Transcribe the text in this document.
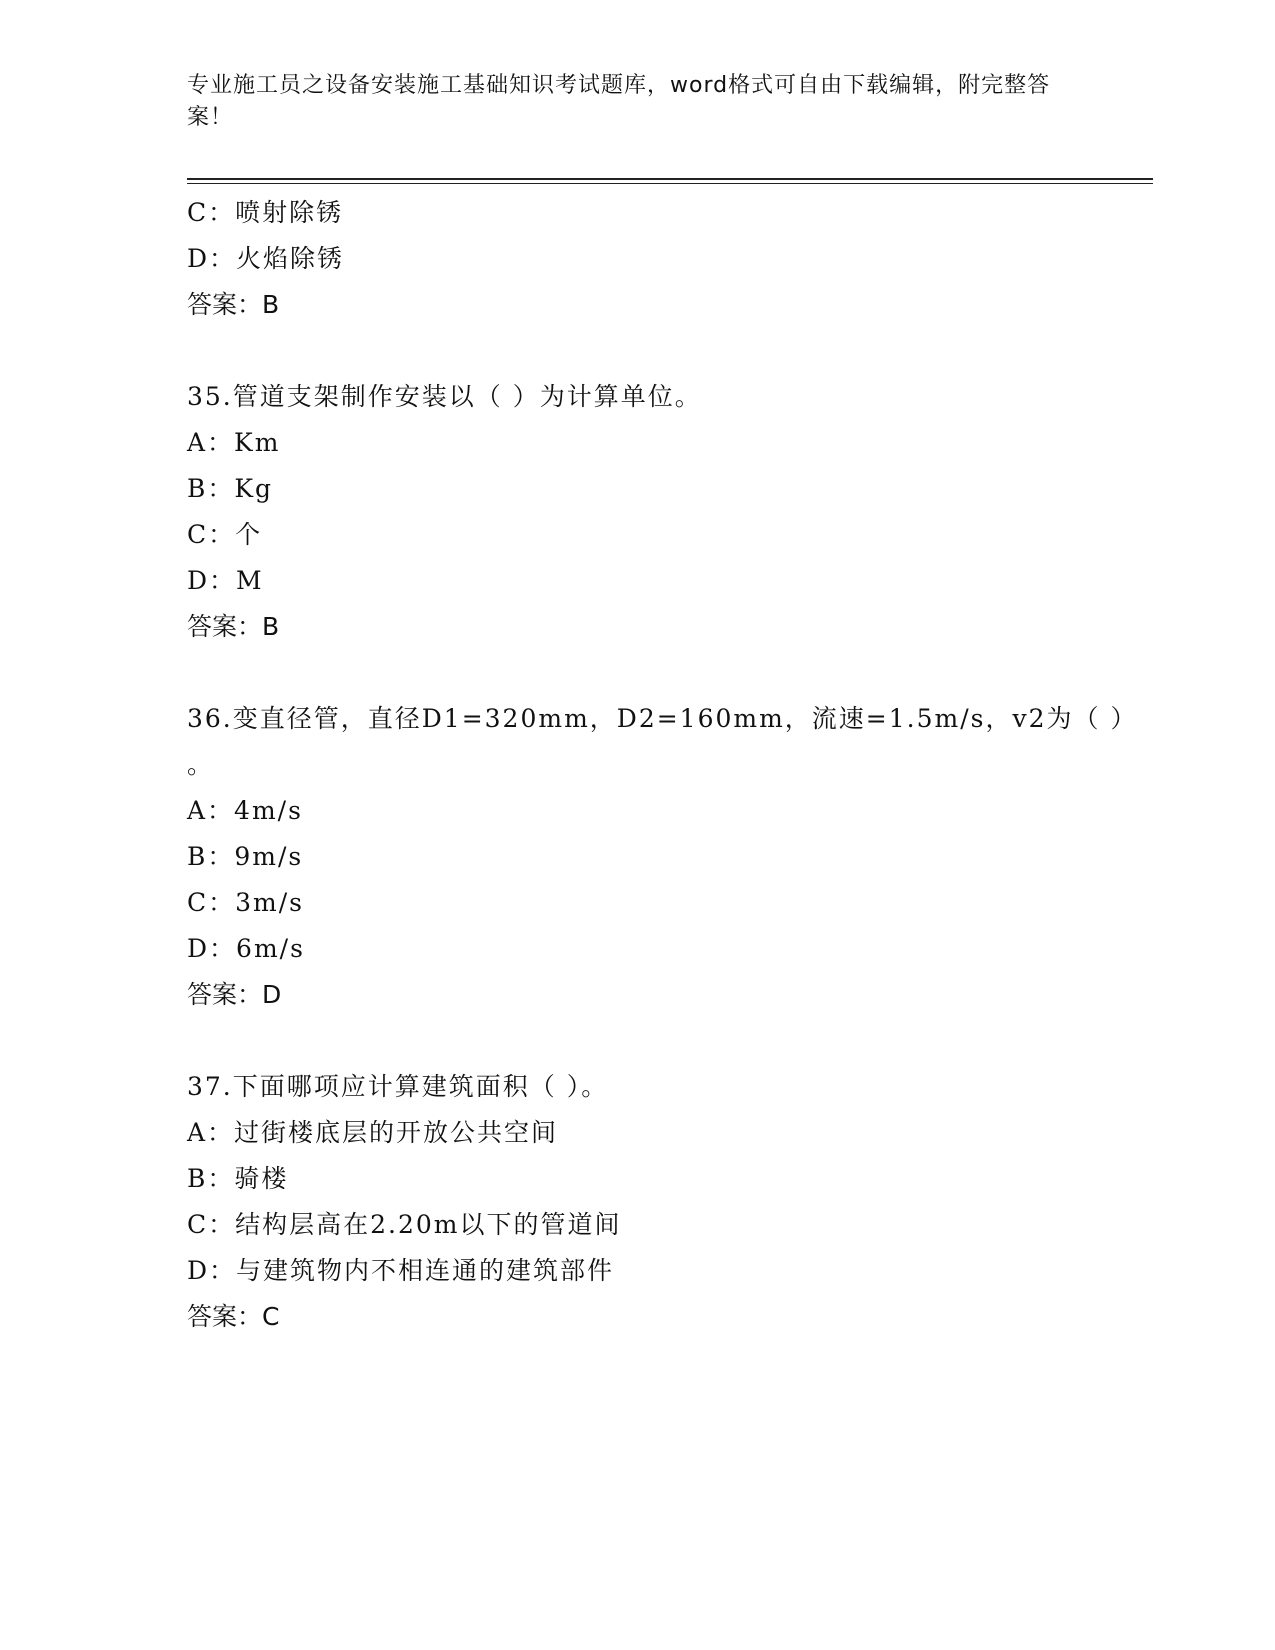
专业施工员之设备安装施工基础知识考试题库，word格式可自由下载编辑，附完整答案！
C：喷射除锈
D：火焰除锈
答案：B
35.管道支架制作安装以（ ）为计算单位。
A：Km
B：Kg
C：个
D：M
答案：B
36.变直径管，直径D1=320mm，D2=160mm，流速=1.5m/s，v2为（ ）
。
A：4m/s
B：9m/s
C：3m/s
D：6m/s
答案：D
37.下面哪项应计算建筑面积（ ）。
A：过街楼底层的开放公共空间
B：骑楼
C：结构层高在2.20m以下的管道间
D：与建筑物内不相连通的建筑部件
答案：C
